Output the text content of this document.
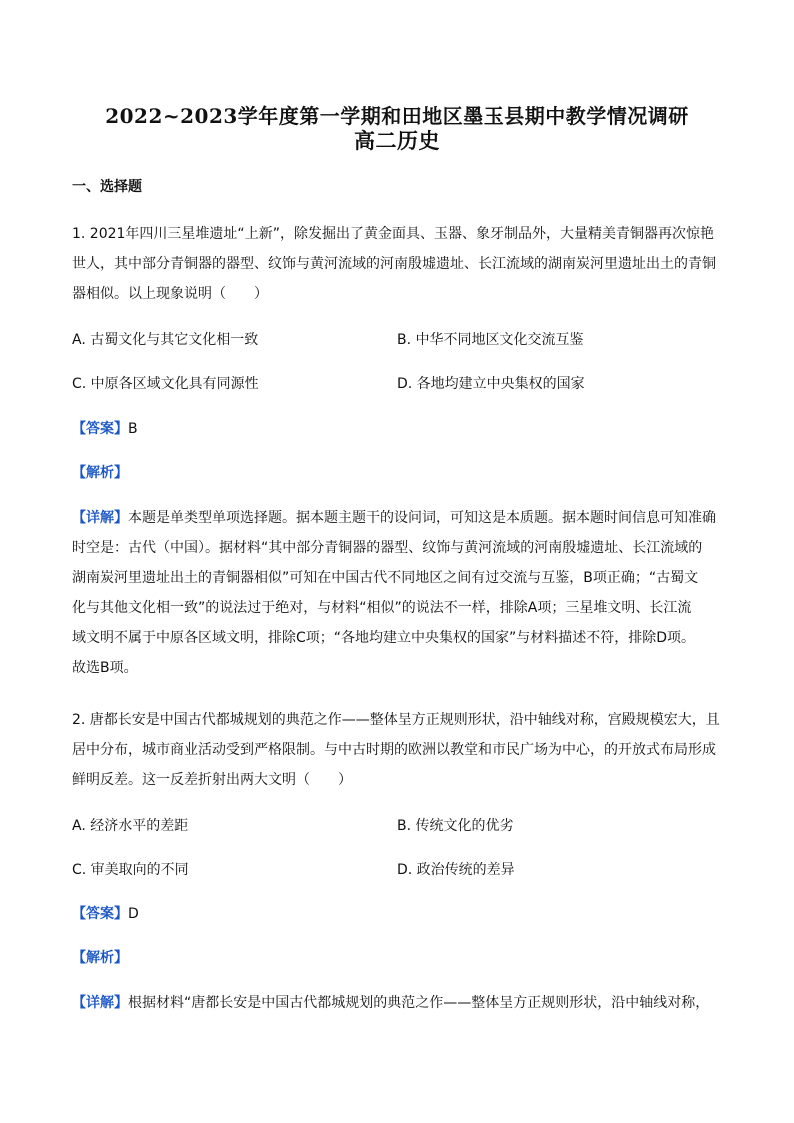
2022~2023学年度第一学期和田地区墨玉县期中教学情况调研
高二历史
一、选择题
1. 2021年四川三星堆遗址“上新”，除发掘出了黄金面具、玉器、象牙制品外，大量精美青铜器再次惊艳
世人，其中部分青铜器的器型、纹饰与黄河流域的河南殷墟遗址、长江流域的湖南炭河里遗址出土的青铜
器相似。以上现象说明（　　）
A. 古蜀文化与其它文化相一致	B. 中华不同地区文化交流互鉴
C. 中原各区域文化具有同源性	D. 各地均建立中央集权的国家
【答案】B
【解析】
【详解】本题是单类型单项选择题。据本题主题干的设问词，可知这是本质题。据本题时间信息可知准确
时空是：古代（中国）。据材料“其中部分青铜器的器型、纹饰与黄河流域的河南殷墟遗址、长江流域的
湖南炭河里遗址出土的青铜器相似”可知在中国古代不同地区之间有过交流与互鉴，B项正确；“古蜀文
化与其他文化相一致”的说法过于绝对，与材料“相似”的说法不一样，排除A项；三星堆文明、长江流
域文明不属于中原各区域文明，排除C项；“各地均建立中央集权的国家”与材料描述不符，排除D项。
故选B项。
2. 唐都长安是中国古代都城规划的典范之作——整体呈方正规则形状，沿中轴线对称，宫殿规模宏大，且
居中分布，城市商业活动受到严格限制。与中古时期的欧洲以教堂和市民广场为中心，的开放式布局形成
鲜明反差。这一反差折射出两大文明（　　）
A. 经济水平的差距	B. 传统文化的优劣
C. 审美取向的不同	D. 政治传统的差异
【答案】D
【解析】
【详解】根据材料“唐都长安是中国古代都城规划的典范之作——整体呈方正规则形状，沿中轴线对称，
